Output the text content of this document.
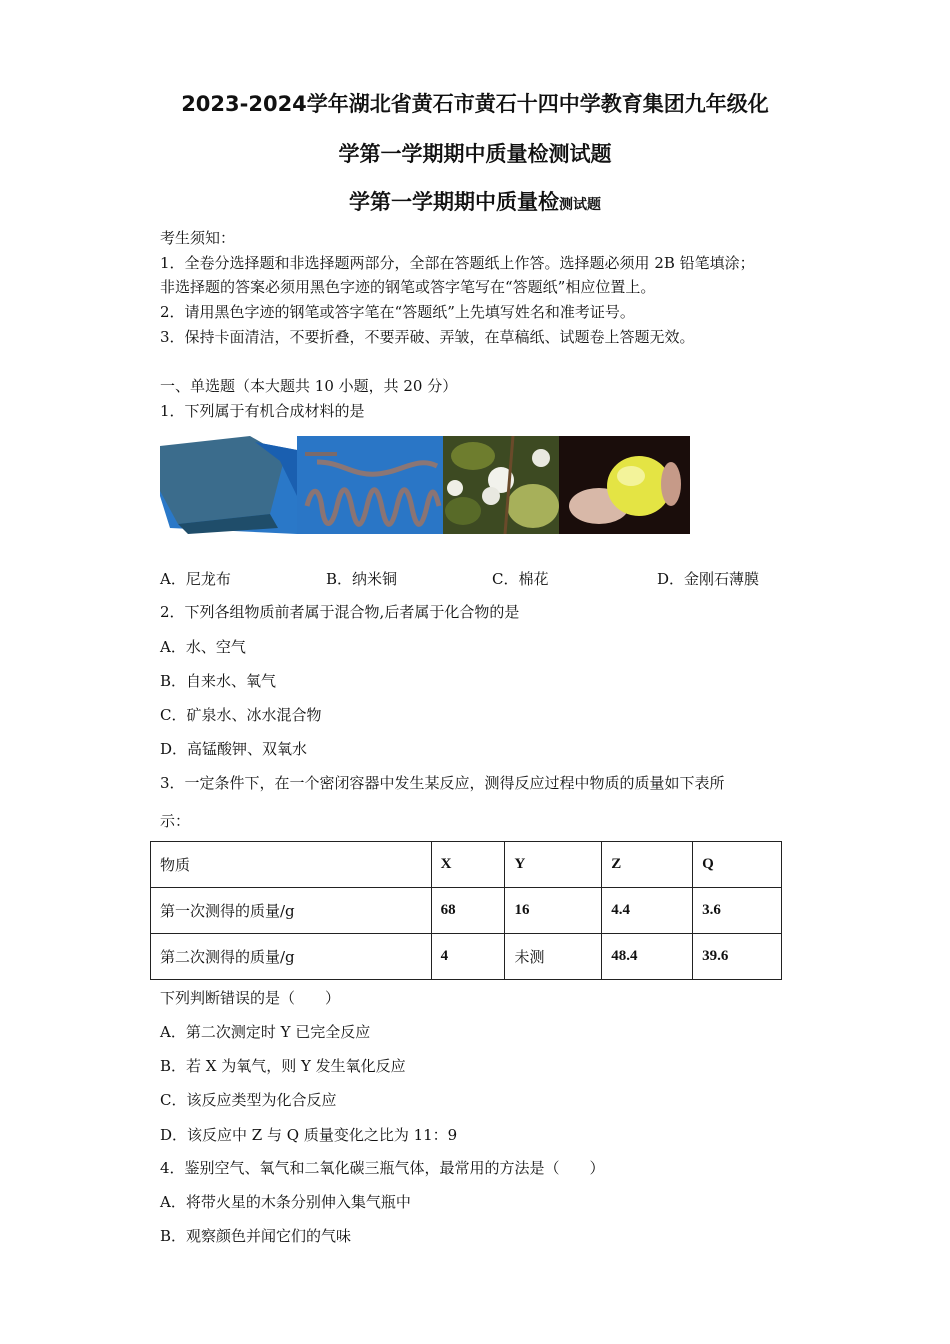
2023-2024学年湖北省黄石市黄石十四中学教育集团九年级化
学第一学期期中质量检测试题
学第一学期期中质量检测试题
考生须知：
1．全卷分选择题和非选择题两部分，全部在答题纸上作答。选择题必须用 2B 铅笔填涂；
非选择题的答案必须用黑色字迹的钢笔或答字笔写在“答题纸”相应位置上。
2．请用黑色字迹的钢笔或答字笔在“答题纸”上先填写姓名和准考证号。
3．保持卡面清洁，不要折叠，不要弄破、弄皱，在草稿纸、试题卷上答题无效。
一、单选题（本大题共 10 小题，共 20 分）
1．下列属于有机合成材料的是
A．尼龙布	B．纳米铜	C．棉花	D．金刚石薄膜
2．下列各组物质前者属于混合物,后者属于化合物的是
A．水、空气
B．自来水、氧气
C．矿泉水、冰水混合物
D．高锰酸钾、双氧水
3．一定条件下，在一个密闭容器中发生某反应，测得反应过程中物质的质量如下表所
示：
物质	X	Y	Z	Q
第一次测得的质量/g	68	16	4.4	3.6
第二次测得的质量/g	4	未测	48.4	39.6
下列判断错误的是（　　）
A．第二次测定时 Y 已完全反应
B．若 X 为氧气，则 Y 发生氧化反应
C．该反应类型为化合反应
D．该反应中 Z 与 Q 质量变化之比为 11：9
4．鉴别空气、氧气和二氧化碳三瓶气体，最常用的方法是（　　）
A．将带火星的木条分别伸入集气瓶中
B．观察颜色并闻它们的气味
